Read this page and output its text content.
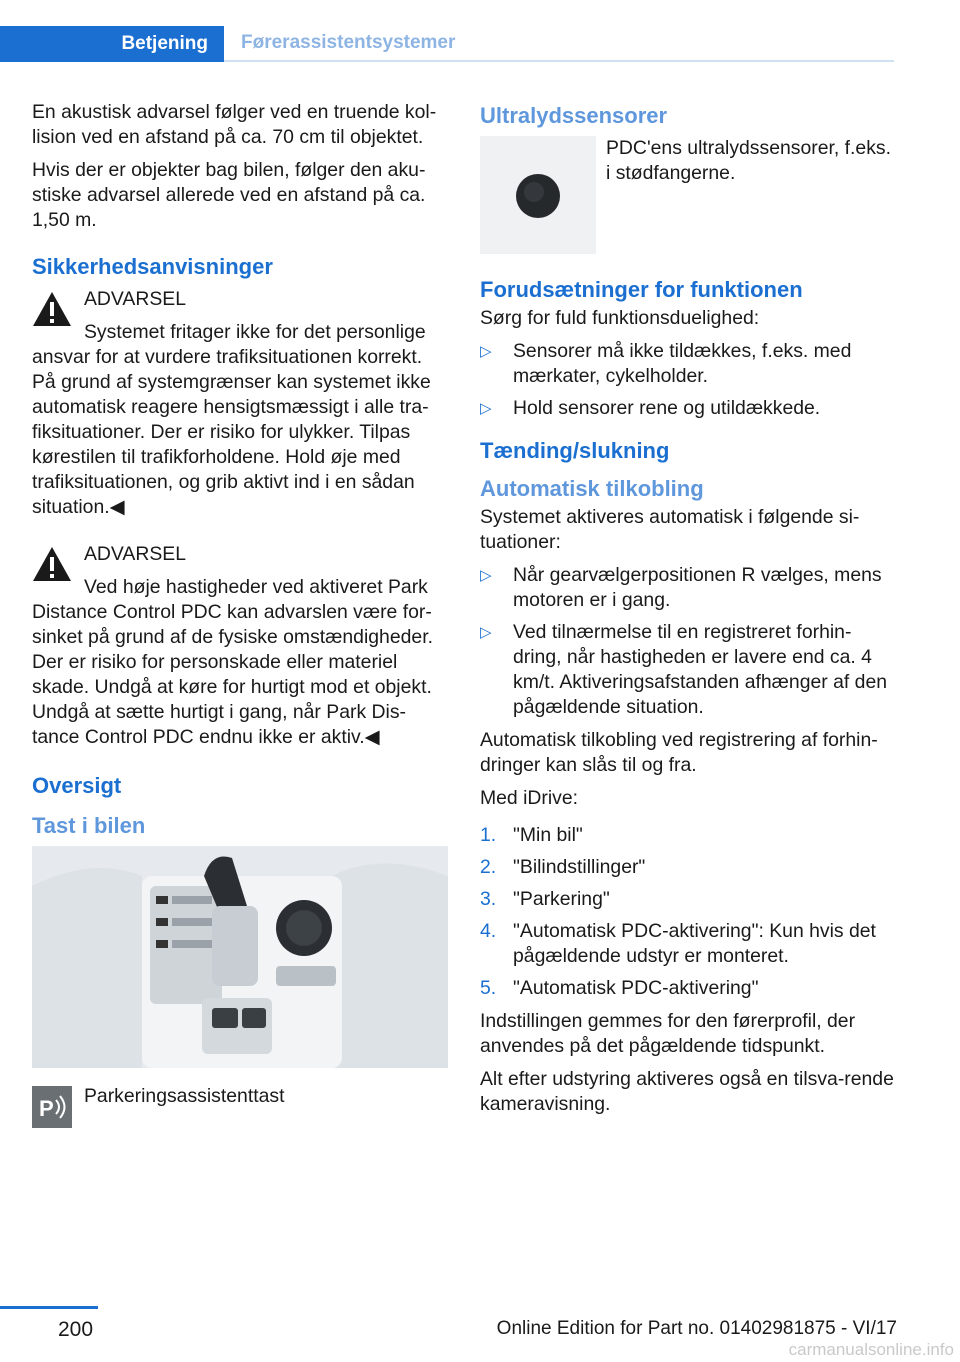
Betjening	Førerassistentsystemer

En akustisk advarsel følger ved en truende kol-lision ved en afstand på ca. 70 cm til objektet.

Hvis der er objekter bag bilen, følger den aku-stiske advarsel allerede ved en afstand på ca. 1,50 m.

Sikkerhedsanvisninger
ADVARSEL
Systemet fritager ikke for det personlige
ansvar for at vurdere trafiksituationen korrekt. På grund af systemgrænser kan systemet ikke automatisk reagere hensigtsmæssigt i alle tra-fiksituationer. Der er risiko for ulykker. Tilpas kørestilen til trafikforholdene. Hold øje med trafiksituationen, og grib aktivt ind i en sådan situation.◀
ADVARSEL
Ved høje hastigheder ved aktiveret Park
Distance Control PDC kan advarslen være for-sinket på grund af de fysiske omstændigheder. Der er risiko for personskade eller materiel skade. Undgå at køre for hurtigt mod et objekt. Undgå at sætte hurtigt i gang, når Park Dis-tance Control PDC endnu ikke er aktiv.◀
Oversigt
Tast i bilen
P	Parkeringsassistenttast
Ultralydssensorer
PDC'ens ultralydssensorer, f.eks. i stødfangerne.
Forudsætninger for funktionen

Sørg for fuld funktionsduelighed:

▷ Sensorer må ikke tildækkes, f.eks. med mærkater, cykelholder.
▷ Hold sensorer rene og utildækkede.
Tænding/slukning
Automatisk tilkobling

Systemet aktiveres automatisk i følgende si-tuationer:

▷ Når gearvælgerpositionen R vælges, mens motoren er i gang.
▷ Ved tilnærmelse til en registreret forhin-dring, når hastigheden er lavere end ca. 4 km/t. Aktiveringsafstanden afhænger af den pågældende situation.

Automatisk tilkobling ved registrering af forhin-dringer kan slås til og fra.

Med iDrive:

1. "Min bil"
2. "Bilindstillinger"
3. "Parkering"
4. "Automatisk PDC-aktivering": Kun hvis det pågældende udstyr er monteret.
5. "Automatisk PDC-aktivering"

Indstillingen gemmes for den førerprofil, der anvendes på det pågældende tidspunkt.

Alt efter udstyring aktiveres også en tilsva-rende kameravisning.

200	Online Edition for Part no. 01402981875 - VI/17
carmanualsonline.info
